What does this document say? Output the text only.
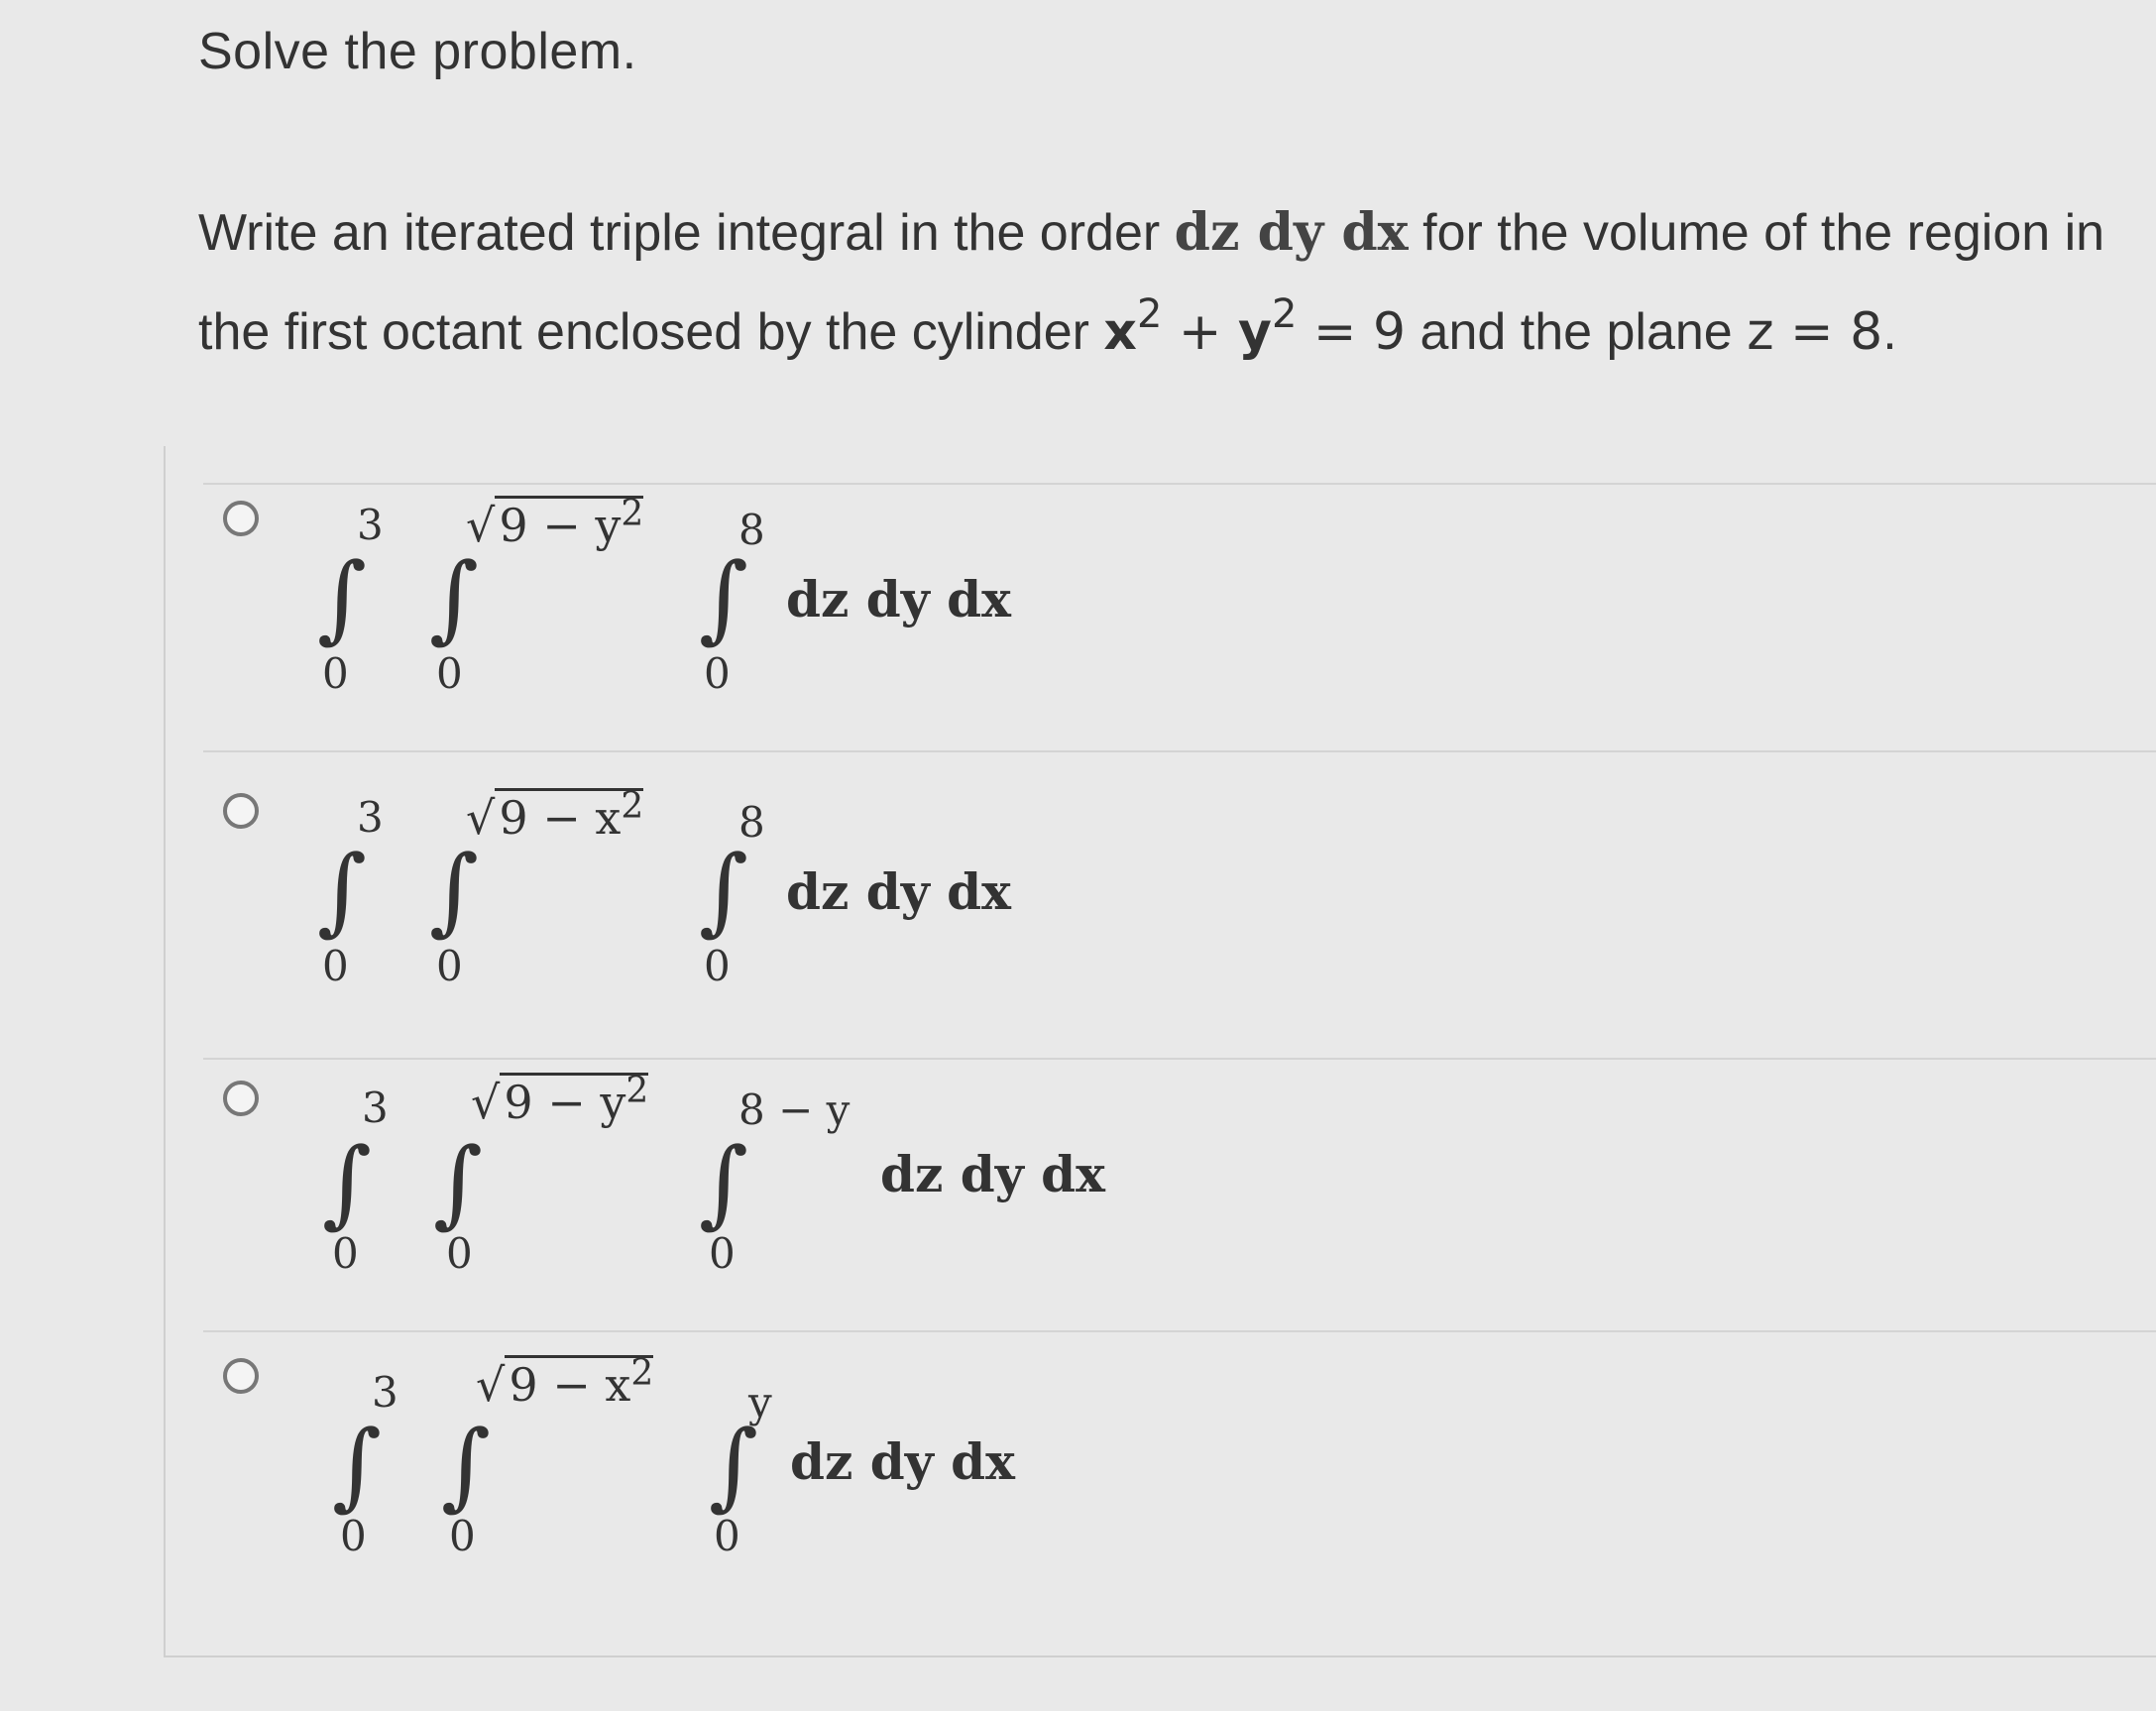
Solve the problem.
Write an iterated triple integral in the order dz dy dx for the volume of the region in the first octant enclosed by the cylinder $x^2 + y^2 = 9$ and the plane z = 8.
3
∫
0
$√9 - y^2$
∫
0
8
∫
0
dz dy dx
3
∫
0
$√9 - x^2$
∫
0
8
∫
0
dz dy dx
3
∫
0
$√9 - y^2$
∫
0
8 − y
∫
0
dz dy dx
3
∫
0
$√9 - x^2$
∫
0
y
∫
0
dz dy dx
